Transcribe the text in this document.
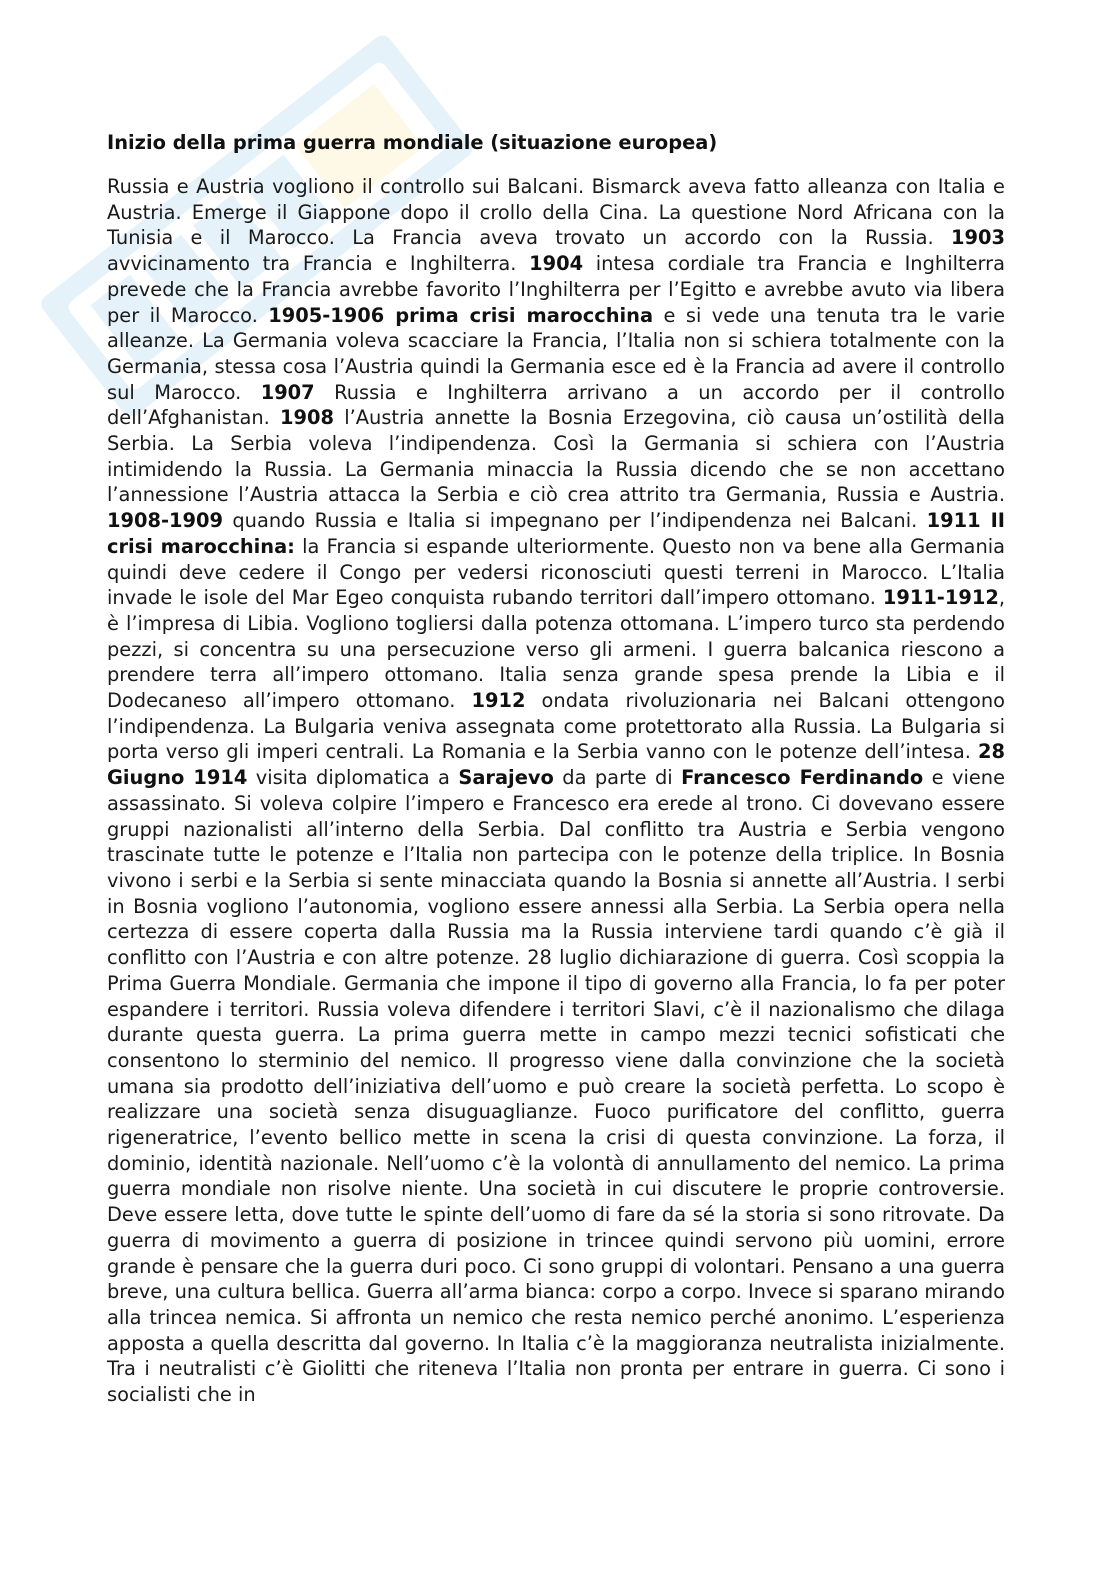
Inizio della prima guerra mondiale (situazione europea)

Russia e Austria vogliono il controllo sui Balcani. Bismarck aveva fatto alleanza con Italia e Austria. Emerge il Giappone dopo il crollo della Cina. La questione Nord Africana con la Tunisia e il Marocco. La Francia aveva trovato un accordo con la Russia. 1903 avvicinamento tra Francia e Inghilterra. 1904 intesa cordiale tra Francia e Inghilterra prevede che la Francia avrebbe favorito l’Inghilterra per l’Egitto e avrebbe avuto via libera per il Marocco. 1905-1906 prima crisi marocchina e si vede una tenuta tra le varie alleanze. La Germania voleva scacciare la Francia, l’Italia non si schiera totalmente con la Germania, stessa cosa l’Austria quindi la Germania esce ed è la Francia ad avere il controllo sul Marocco. 1907 Russia e Inghilterra arrivano a un accordo per il controllo dell’Afghanistan. 1908 l’Austria annette la Bosnia Erzegovina, ciò causa un’ostilità della Serbia. La Serbia voleva l’indipendenza. Così la Germania si schiera con l’Austria intimidendo la Russia. La Germania minaccia la Russia dicendo che se non accettano l’annessione l’Austria attacca la Serbia e ciò crea attrito tra Germania, Russia e Austria. 1908-1909 quando Russia e Italia si impegnano per l’indipendenza nei Balcani. 1911 II crisi marocchina: la Francia si espande ulteriormente. Questo non va bene alla Germania quindi deve cedere il Congo per vedersi riconosciuti questi terreni in Marocco. L’Italia invade le isole del Mar Egeo conquista rubando territori dall’impero ottomano. 1911-1912, è l’impresa di Libia. Vogliono togliersi dalla potenza ottomana. L’impero turco sta perdendo pezzi, si concentra su una persecuzione verso gli armeni. I guerra balcanica riescono a prendere terra all’impero ottomano. Italia senza grande spesa prende la Libia e il Dodecaneso all’impero ottomano. 1912 ondata rivoluzionaria nei Balcani ottengono l’indipendenza. La Bulgaria veniva assegnata come protettorato alla Russia. La Bulgaria si porta verso gli imperi centrali. La Romania e la Serbia vanno con le potenze dell’intesa. 28 Giugno 1914 visita diplomatica a Sarajevo da parte di Francesco Ferdinando e viene assassinato. Si voleva colpire l’impero e Francesco era erede al trono. Ci dovevano essere gruppi nazionalisti all’interno della Serbia. Dal conflitto tra Austria e Serbia vengono trascinate tutte le potenze e l’Italia non partecipa con le potenze della triplice. In Bosnia vivono i serbi e la Serbia si sente minacciata quando la Bosnia si annette all’Austria. I serbi in Bosnia vogliono l’autonomia, vogliono essere annessi alla Serbia. La Serbia opera nella certezza di essere coperta dalla Russia ma la Russia interviene tardi quando c’è già il conflitto con l’Austria e con altre potenze. 28 luglio dichiarazione di guerra. Così scoppia la Prima Guerra Mondiale. Germania che impone il tipo di governo alla Francia, lo fa per poter espandere i territori. Russia voleva difendere i territori Slavi, c’è il nazionalismo che dilaga durante questa guerra. La prima guerra mette in campo mezzi tecnici sofisticati che consentono lo sterminio del nemico. Il progresso viene dalla convinzione che la società umana sia prodotto dell’iniziativa dell’uomo e può creare la società perfetta. Lo scopo è realizzare una società senza disuguaglianze. Fuoco purificatore del conflitto, guerra rigeneratrice, l’evento bellico mette in scena la crisi di questa convinzione. La forza, il dominio, identità nazionale. Nell’uomo c’è la volontà di annullamento del nemico. La prima guerra mondiale non risolve niente. Una società in cui discutere le proprie controversie. Deve essere letta, dove tutte le spinte dell’uomo di fare da sé la storia si sono ritrovate. Da guerra di movimento a guerra di posizione in trincee quindi servono più uomini, errore grande è pensare che la guerra duri poco. Ci sono gruppi di volontari. Pensano a una guerra breve, una cultura bellica. Guerra all’arma bianca: corpo a corpo. Invece si sparano mirando alla trincea nemica. Si affronta un nemico che resta nemico perché anonimo. L’esperienza apposta a quella descritta dal governo. In Italia c’è la maggioranza neutralista inizialmente. Tra i neutralisti c’è Giolitti che riteneva l’Italia non pronta per entrare in guerra. Ci sono i socialisti che in
